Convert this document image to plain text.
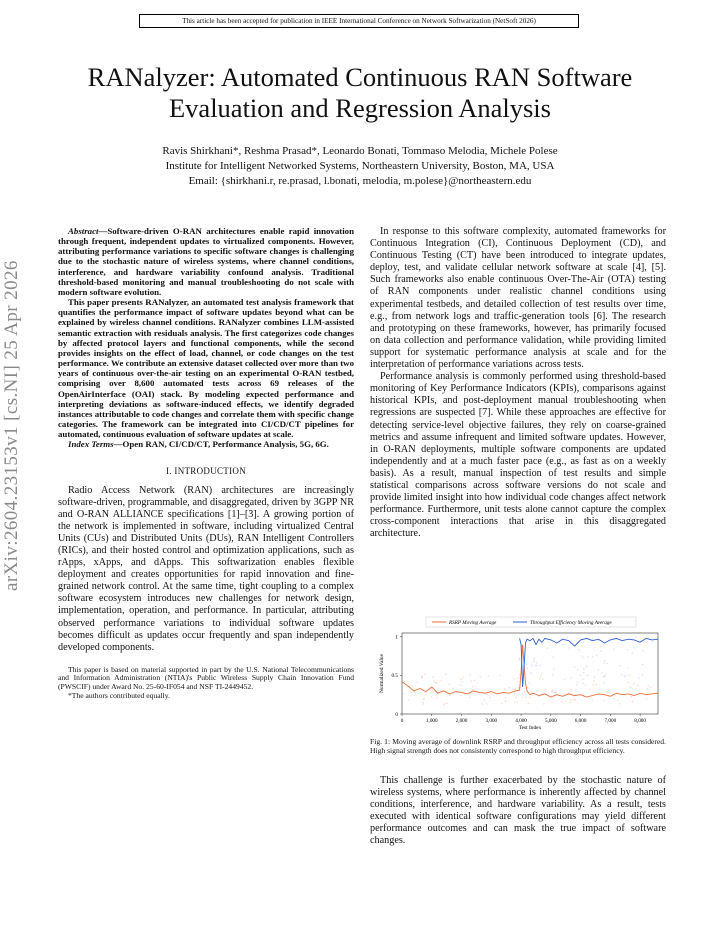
This article has been accepted for publication in IEEE International Conference on Network Softwarization (NetSoft 2026)
arXiv:2604.23153v1 [cs.NI] 25 Apr 2026
RANalyzer: Automated Continuous RAN Software Evaluation and Regression Analysis
Ravis Shirkhani*, Reshma Prasad*, Leonardo Bonati, Tommaso Melodia, Michele Polese
Institute for Intelligent Networked Systems, Northeastern University, Boston, MA, USA
Email: {shirkhani.r, re.prasad, l.bonati, melodia, m.polese}@northeastern.edu

Abstract—Software-driven O-RAN architectures enable rapid innovation through frequent, independent updates to virtualized components. However, attributing performance variations to specific software changes is challenging due to the stochastic nature of wireless systems, where channel conditions, interference, and hardware variability confound analysis. Traditional threshold-based monitoring and manual troubleshooting do not scale with modern software evolution.

This paper presents RANalyzer, an automated test analysis framework that quantifies the performance impact of software updates beyond what can be explained by wireless channel conditions. RANalyzer combines LLM-assisted semantic extraction with residuals analysis. The first categorizes code changes by affected protocol layers and functional components, while the second provides insights on the effect of load, channel, or code changes on the test performance. We contribute an extensive dataset collected over more than two years of continuous over-the-air testing on an experimental O-RAN testbed, comprising over 8,600 automated tests across 69 releases of the OpenAirInterface (OAI) stack. By modeling expected performance and interpreting deviations as software-induced effects, we identify degraded instances attributable to code changes and correlate them with specific change categories. The framework can be integrated into CI/CD/CT pipelines for automated, continuous evaluation of software updates at scale.

Index Terms—Open RAN, CI/CD/CT, Performance Analysis, 5G, 6G.

I. INTRODUCTION

Radio Access Network (RAN) architectures are increasingly software-driven, programmable, and disaggregated, driven by 3GPP NR and O-RAN ALLIANCE specifications [1]–[3]. A growing portion of the network is implemented in software, including virtualized Central Units (CUs) and Distributed Units (DUs), RAN Intelligent Controllers (RICs), and their hosted control and optimization applications, such as rApps, xApps, and dApps. This softwarization enables flexible deployment and creates opportunities for rapid innovation and fine-grained network control. At the same time, tight coupling to a complex software ecosystem introduces new challenges for network design, implementation, operation, and performance. In particular, attributing observed performance variations to individual software updates becomes difficult as updates occur frequently and span independently developed components.

This paper is based on material supported in part by the U.S. National Telecommunications and Information Administration (NTIA)'s Public Wireless Supply Chain Innovation Fund (PWSCIF) under Award No. 25-60-IF054 and NSF TI-2449452.

*The authors contributed equally.

In response to this software complexity, automated frameworks for Continuous Integration (CI), Continuous Deployment (CD), and Continuous Testing (CT) have been introduced to integrate updates, deploy, test, and validate cellular network software at scale [4], [5]. Such frameworks also enable continuous Over-The-Air (OTA) testing of RAN components under realistic channel conditions using experimental testbeds, and detailed collection of test results over time, e.g., from network logs and traffic-generation tools [6]. The research and prototyping on these frameworks, however, has primarily focused on data collection and performance validation, while providing limited support for systematic performance analysis at scale and for the interpretation of performance variations across tests.

Performance analysis is commonly performed using threshold-based monitoring of Key Performance Indicators (KPIs), comparisons against historical KPIs, and post-deployment manual troubleshooting when regressions are suspected [7]. While these approaches are effective for detecting service-level objective failures, they rely on coarse-grained metrics and assume infrequent and limited software updates. However, in O-RAN deployments, multiple software components are updated independently and at a much faster pace (e.g., as fast as on a weekly basis). As a result, manual inspection of test results and simple statistical comparisons across software versions do not scale and provide limited insight into how individual code changes affect network performance. Furthermore, unit tests alone cannot capture the complex cross-component interactions that arise in this disaggregated architecture.

0	1,000	2,000	3,000	4,000	5,000	6,000	7,000	8,000
0
0.5
1
Test Index
Normalized Value
RSRP Moving Average	Throughput Efficiency Moving Average
Fig. 1: Moving average of downlink RSRP and throughput efficiency across all tests considered. High signal strength does not consistently correspond to high throughput efficiency.

This challenge is further exacerbated by the stochastic nature of wireless systems, where performance is inherently affected by channel conditions, interference, and hardware variability. As a result, tests executed with identical software configurations may yield different performance outcomes and can mask the true impact of software changes.
